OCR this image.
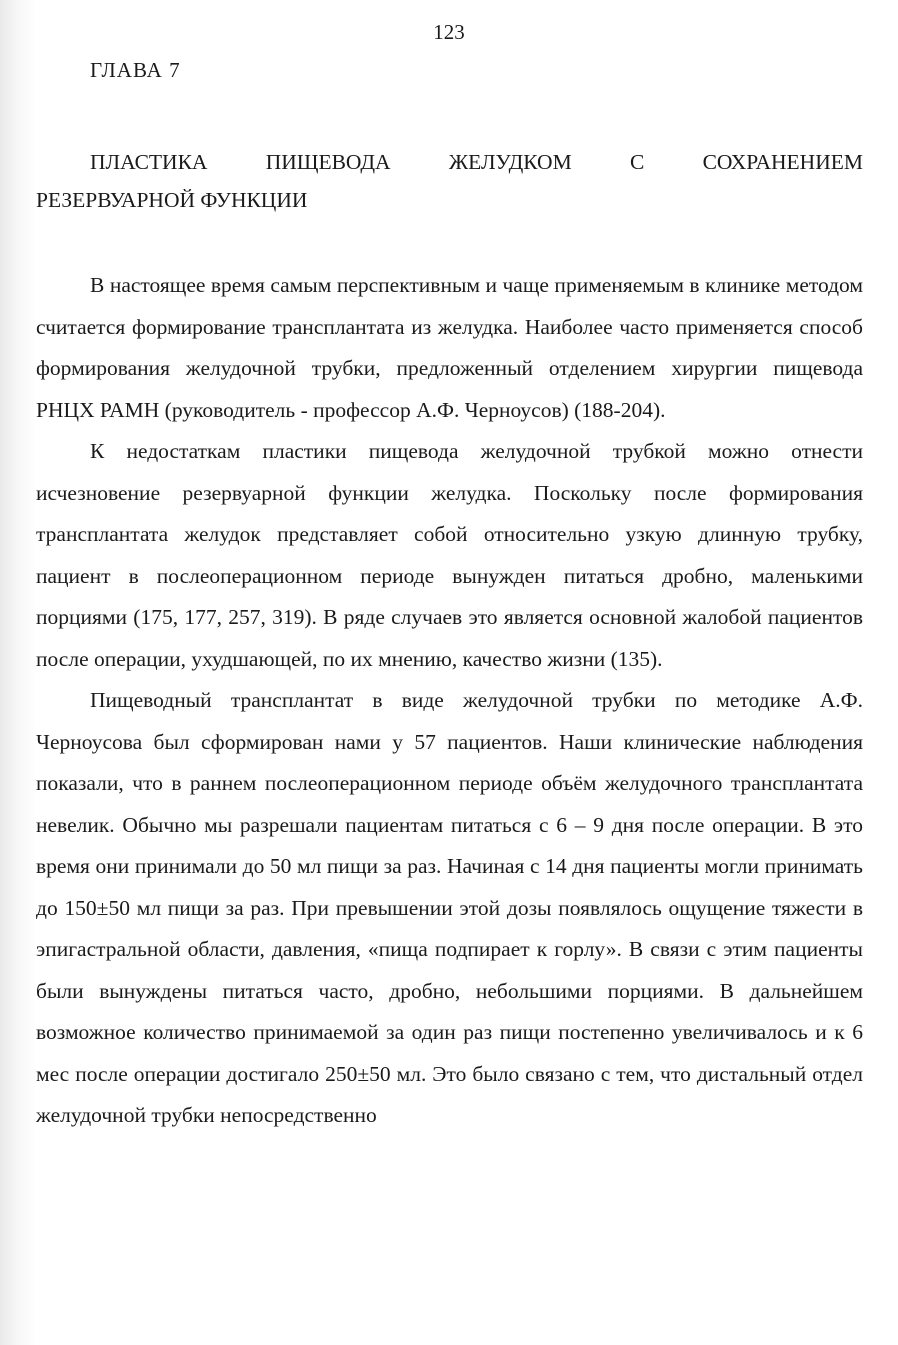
123
ГЛАВА 7
ПЛАСТИКА	ПИЩЕВОДА	ЖЕЛУДКОМ	С	СОХРАНЕНИЕМ
РЕЗЕРВУАРНОЙ ФУНКЦИИ

В настоящее время самым перспективным и чаще применяемым в клинике методом считается формирование трансплантата из желудка. Наиболее часто применяется способ формирования желудочной трубки, предложенный отделением хирургии пищевода РНЦХ РАМН (руководитель - профессор А.Ф. Черноусов) (188-204).

К недостаткам пластики пищевода желудочной трубкой можно отнести исчезновение резервуарной функции желудка. Поскольку после формирования трансплантата желудок представляет собой относительно узкую длинную трубку, пациент в послеоперационном периоде вынужден питаться дробно, маленькими порциями (175, 177, 257, 319). В ряде случаев это является основной жалобой пациентов после операции, ухудшающей, по их мнению, качество жизни (135).

Пищеводный трансплантат в виде желудочной трубки по методике А.Ф. Черноусова был сформирован нами у 57 пациентов. Наши клинические наблюдения показали, что в раннем послеоперационном периоде объём желудочного трансплантата невелик. Обычно мы разрешали пациентам питаться с 6 – 9 дня после операции. В это время они принимали до 50 мл пищи за раз. Начиная с 14 дня пациенты могли принимать до 150±50 мл пищи за раз. При превышении этой дозы появлялось ощущение тяжести в эпигастральной области, давления, «пища подпирает к горлу». В связи с этим пациенты были вынуждены питаться часто, дробно, небольшими порциями. В дальнейшем возможное количество принимаемой за один раз пищи постепенно увеличивалось и к 6 мес после операции достигало 250±50 мл. Это было связано с тем, что дистальный отдел желудочной трубки непосредственно
